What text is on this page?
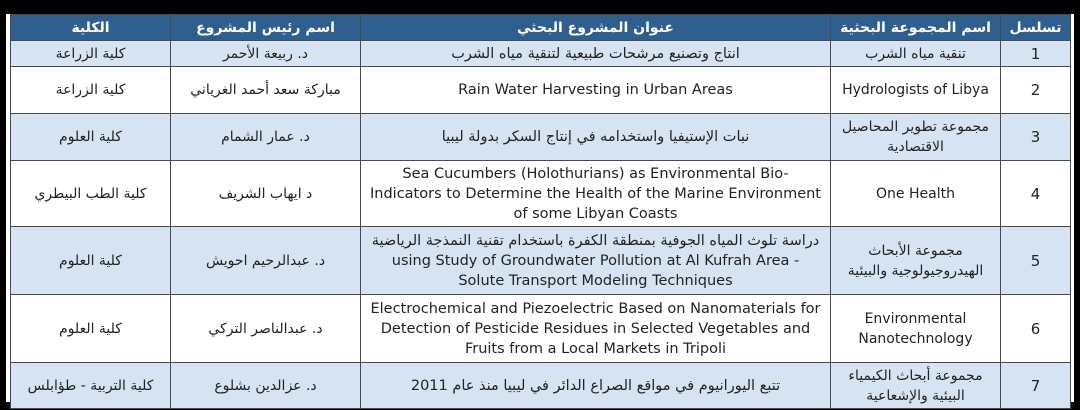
الكلية	اسم رئيس المشروع	عنوان المشروع البحثي	اسم المجموعة البحثية	تسلسل
كلية الزراعة	د. ربيعة الأحمر	انتاج وتصنيع مرشحات طبيعية لتنقية مياه الشرب	تنقية مياه الشرب	1
كلية الزراعة	مباركة سعد أحمد الغرياني	Rain Water Harvesting in Urban Areas	Hydrologists of Libya	2
كلية العلوم	د. عمار الشمام	نبات الإستيفيا واستخدامه في إنتاج السكر بدولة ليبيا	مجموعة تطوير المحاصيل الاقتصادية	3
كلية الطب البيطري	د ايهاب الشريف	Sea Cucumbers (Holothurians) as Environmental Bio-Indicators to Determine the Health of the Marine Environment of some Libyan Coasts	One Health	4
كلية العلوم	د. عبدالرحيم احويش	دراسة تلوث المياه الجوفية بمنطقة الكفرة باستخدام تقنية النمذجة الرياضية - using Study of Groundwater Pollution at Al Kufrah Area Solute Transport Modeling Techniques	مجموعة الأبحاث الهيدروجيولوجية والبيئية	5
كلية العلوم	د. عبدالناصر التركي	Electrochemical and Piezoelectric Based on Nanomaterials for Detection of Pesticide Residues in Selected Vegetables and Fruits from a Local Markets in Tripoli	Environmental Nanotechnology	6
كلية التربية - طؤابلس	د. عزالدين بشلوع	تتبع اليورانيوم في مواقع الصراع الدائر في ليبيا منذ عام 2011	مجموعة أبحاث الكيمياء البيئية والإشعاعية	7
